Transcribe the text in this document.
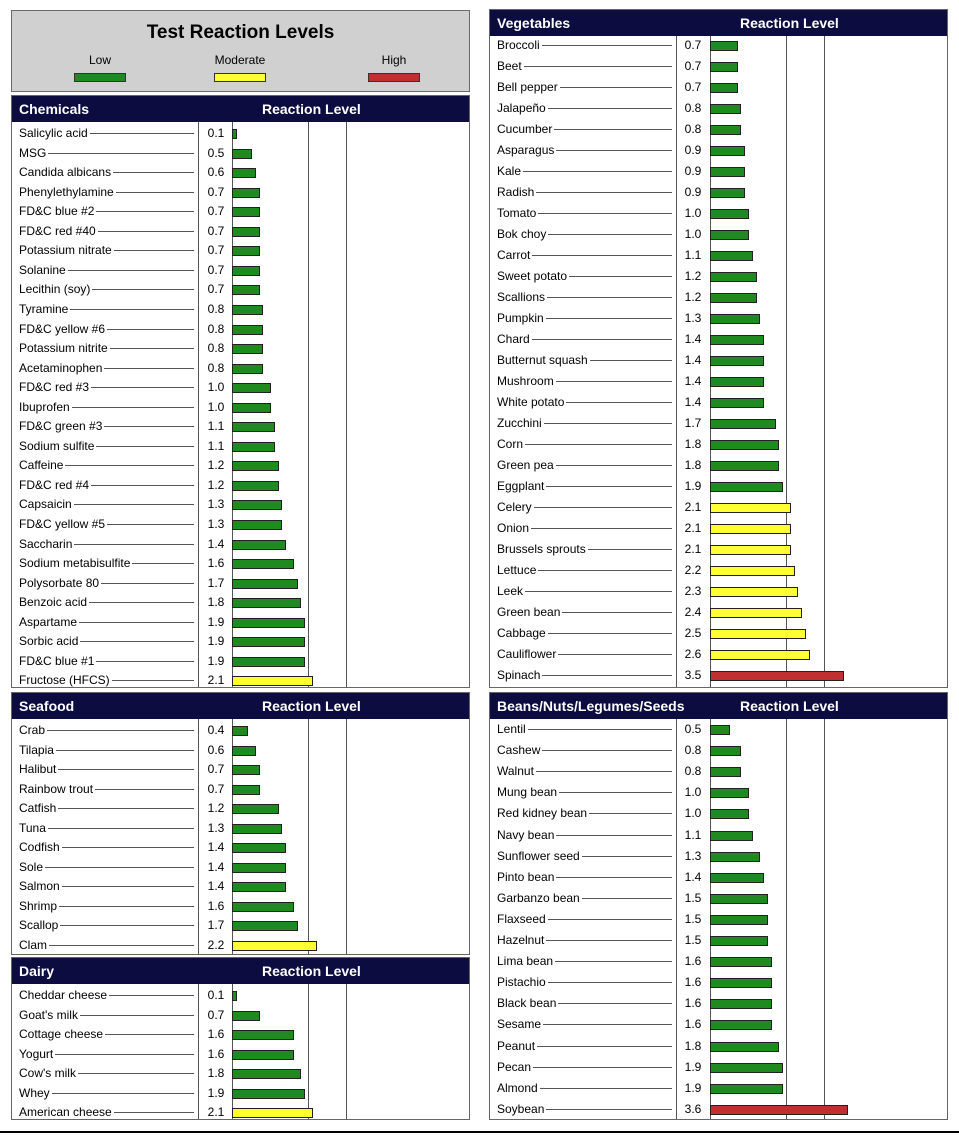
Test Reaction Levels
Low	Moderate	High
Chemicals	Reaction Level
Salicylic acid	0.1
MSG	0.5
Candida albicans	0.6
Phenylethylamine	0.7
FD&C blue #2	0.7
FD&C red #40	0.7
Potassium nitrate	0.7
Solanine	0.7
Lecithin (soy)	0.7
Tyramine	0.8
FD&C yellow #6	0.8
Potassium nitrite	0.8
Acetaminophen	0.8
FD&C red #3	1.0
Ibuprofen	1.0
FD&C green #3	1.1
Sodium sulfite	1.1
Caffeine	1.2
FD&C red #4	1.2
Capsaicin	1.3
FD&C yellow #5	1.3
Saccharin	1.4
Sodium metabisulfite	1.6
Polysorbate 80	1.7
Benzoic acid	1.8
Aspartame	1.9
Sorbic acid	1.9
FD&C blue #1	1.9
Fructose (HFCS)	2.1
Seafood	Reaction Level
Crab	0.4
Tilapia	0.6
Halibut	0.7
Rainbow trout	0.7
Catfish	1.2
Tuna	1.3
Codfish	1.4
Sole	1.4
Salmon	1.4
Shrimp	1.6
Scallop	1.7
Clam	2.2
Dairy	Reaction Level
Cheddar cheese	0.1
Goat's milk	0.7
Cottage cheese	1.6
Yogurt	1.6
Cow's milk	1.8
Whey	1.9
American cheese	2.1
Vegetables	Reaction Level
Broccoli	0.7
Beet	0.7
Bell pepper	0.7
Jalapeño	0.8
Cucumber	0.8
Asparagus	0.9
Kale	0.9
Radish	0.9
Tomato	1.0
Bok choy	1.0
Carrot	1.1
Sweet potato	1.2
Scallions	1.2
Pumpkin	1.3
Chard	1.4
Butternut squash	1.4
Mushroom	1.4
White potato	1.4
Zucchini	1.7
Corn	1.8
Green pea	1.8
Eggplant	1.9
Celery	2.1
Onion	2.1
Brussels sprouts	2.1
Lettuce	2.2
Leek	2.3
Green bean	2.4
Cabbage	2.5
Cauliflower	2.6
Spinach	3.5
Beans/Nuts/Legumes/Seeds	Reaction Level
Lentil	0.5
Cashew	0.8
Walnut	0.8
Mung bean	1.0
Red kidney bean	1.0
Navy bean	1.1
Sunflower seed	1.3
Pinto bean	1.4
Garbanzo bean	1.5
Flaxseed	1.5
Hazelnut	1.5
Lima bean	1.6
Pistachio	1.6
Black bean	1.6
Sesame	1.6
Peanut	1.8
Pecan	1.9
Almond	1.9
Soybean	3.6
